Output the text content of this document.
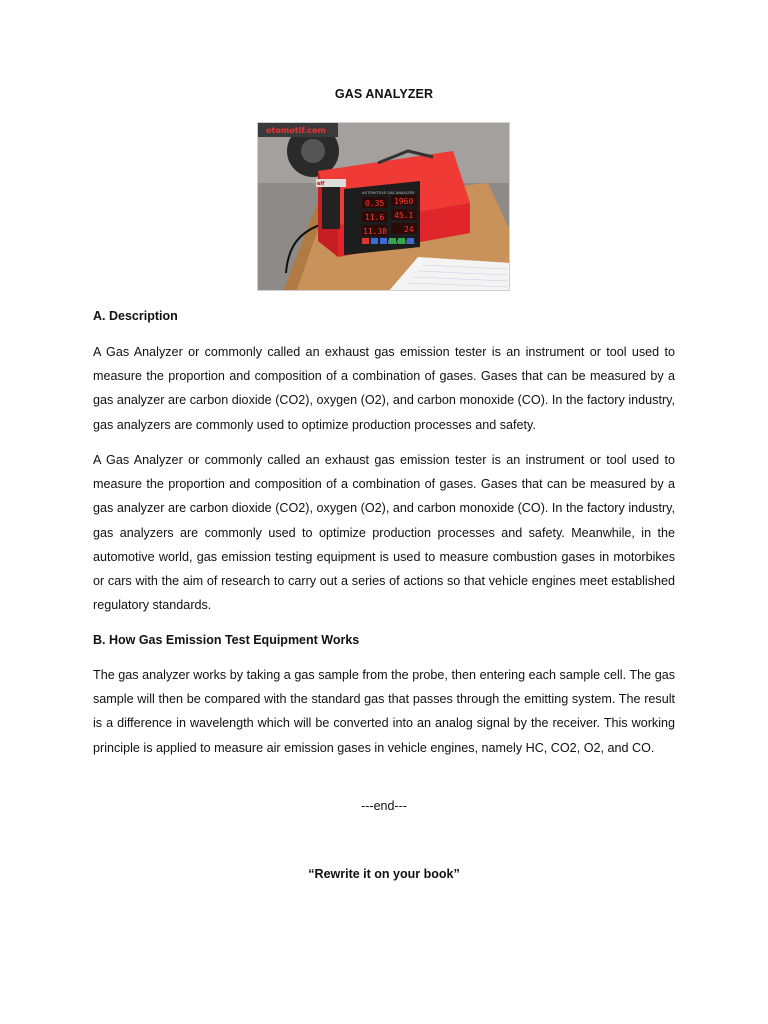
GAS ANALYZER
otomotif.com
elf
AUTOMOTIVE GAS ANALYZER
0.35 1960
11.6 45.1
11.38 24
A. Description

A Gas Analyzer or commonly called an exhaust gas emission tester is an instrument or tool used to measure the proportion and composition of a combination of gases. Gases that can be measured by a gas analyzer are carbon dioxide (CO2), oxygen (O2), and carbon monoxide (CO). In the factory industry, gas analyzers are commonly used to optimize production processes and safety.

A Gas Analyzer or commonly called an exhaust gas emission tester is an instrument or tool used to measure the proportion and composition of a combination of gases. Gases that can be measured by a gas analyzer are carbon dioxide (CO2), oxygen (O2), and carbon monoxide (CO). In the factory industry, gas analyzers are commonly used to optimize production processes and safety. Meanwhile, in the automotive world, gas emission testing equipment is used to measure combustion gases in motorbikes or cars with the aim of research to carry out a series of actions so that vehicle engines meet established regulatory standards.

B. How Gas Emission Test Equipment Works

The gas analyzer works by taking a gas sample from the probe, then entering each sample cell. The gas sample will then be compared with the standard gas that passes through the emitting system. The result is a difference in wavelength which will be converted into an analog signal by the receiver. This working principle is applied to measure air emission gases in vehicle engines, namely HC, CO2, O2, and CO.

---end---
“Rewrite it on your book”
